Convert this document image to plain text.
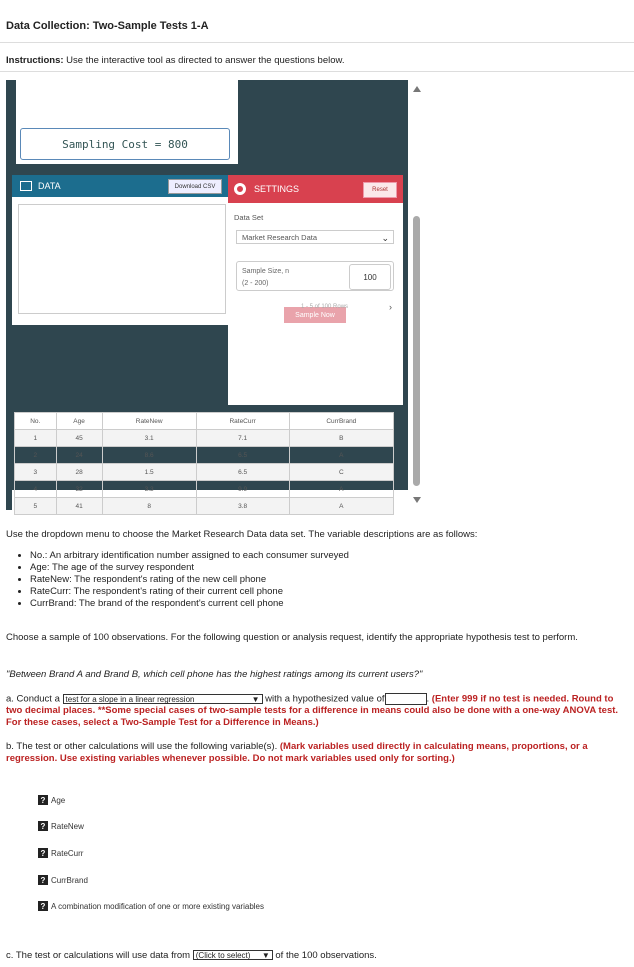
Data Collection: Two-Sample Tests 1-A
Instructions: Use the interactive tool as directed to answer the questions below.
Sampling Cost = 800
DATA	Download CSV	SETTINGS	Reset
Data Set
Market Research Data	⌄
Sample Size, n
(2 - 200)
100
Sample Now
1 - 5 of 100 Rows	›
No.	Age	RateNew	RateCurr	CurrBrand
1	45	3.1	7.1	B
2	24	8.6	6.5	A
3	28	1.5	6.5	C
4	32	3.3	9.9	A
5	41	8	3.8	A
Use the dropdown menu to choose the Market Research Data data set. The variable descriptions are as follows:
• No.: An arbitrary identification number assigned to each consumer surveyed
• Age: The age of the survey respondent
• RateNew: The respondent's rating of the new cell phone
• RateCurr: The respondent's rating of their current cell phone
• CurrBrand: The brand of the respondent's current cell phone
Choose a sample of 100 observations. For the following question or analysis request, identify the appropriate hypothesis test to perform.
"Between Brand A and Brand B, which cell phone has the highest ratings among its current users?"
a. Conduct a test for a slope in a linear regression	▼ with a hypothesized value of	. (Enter 999 if no test is needed. Round to two decimal places. **Some special cases of two-sample tests for a difference in means could also be done with a one-way ANOVA test. For these cases, select a Two-Sample Test for a Difference in Means.)
b. The test or other calculations will use the following variable(s). (Mark variables used directly in calculating means, proportions, or a regression. Use existing variables whenever possible. Do not mark variables used only for sorting.)
? Age
? RateNew
? RateCurr
? CurrBrand
? A combination modification of one or more existing variables
c. The test or calculations will use data from (Click to select) ▼ of the 100 observations.
